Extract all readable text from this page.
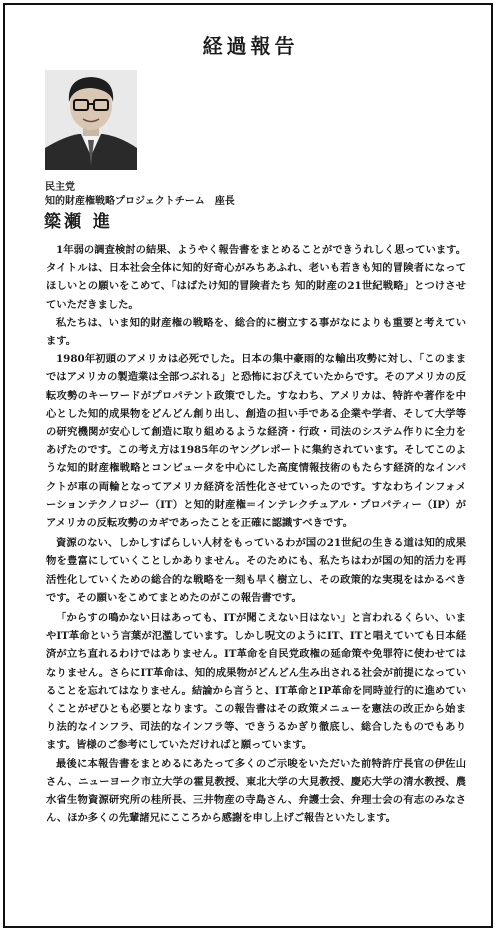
経過報告
民主党
知的財産権戦略プロジェクトチーム　座長
簗瀬 進

1年弱の調査検討の結果、ようやく報告書をまとめることができうれしく思っています。タイトルは、日本社会全体に知的好奇心がみちあふれ、老いも若きも知的冒険者になってほしいとの願いをこめて、「はばたけ知的冒険者たち 知的財産の21世紀戦略」とつけさせていただきました。

私たちは、いま知的財産権の戦略を、総合的に樹立する事がなによりも重要と考えています。

1980年初頭のアメリカは必死でした。日本の集中豪雨的な輸出攻勢に対し、「このままではアメリカの製造業は全部つぶれる」と恐怖におびえていたからです。そのアメリカの反転攻勢のキーワードがプロパテント政策でした。すなわち、アメリカは、特許や著作を中心とした知的成果物をどんどん創り出し、創造の担い手である企業や学者、そして大学等の研究機関が安心して創造に取り組めるような経済・行政・司法のシステム作りに全力をあげたのです。この考え方は1985年のヤングレポートに集約されています。そしてこのような知的財産権戦略とコンピュータを中心にした高度情報技術のもたらす経済的なインパクトが車の両輪となってアメリカ経済を活性化させていったのです。すなわちインフォメーションテクノロジー（IT）と知的財産権＝インテレクチュアル・プロパティー（IP）がアメリカの反転攻勢のカギであったことを正確に認識すべきです。

資源のない、しかしすばらしい人材をもっているわが国の21世紀の生きる道は知的成果物を豊富にしていくことしかありません。そのためにも、私たちはわが国の知的活力を再活性化していくための総合的な戦略を一刻も早く樹立し、その政策的な実現をはかるべきです。その願いをこめてまとめたのがこの報告書です。

「からすの鳴かない日はあっても、ITが聞こえない日はない」と言われるくらい、いまやIT革命という言葉が氾濫しています。しかし呪文のようにIT、ITと唱えていても日本経済が立ち直れるわけではありません。IT革命を自民党政権の延命策や免罪符に使わせてはなりません。さらにIT革命は、知的成果物がどんどん生み出される社会が前提になっていることを忘れてはなりません。結論から言うと、IT革命とIP革命を同時並行的に進めていくことがぜひとも必要となります。この報告書はその政策メニューを憲法の改正から始まり法的なインフラ、司法的なインフラ等、できうるかぎり徹底し、総合したものでもあります。皆様のご参考にしていただければと願っています。

最後に本報告書をまとめるにあたって多くのご示唆をいただいた前特許庁長官の伊佐山さん、ニューヨーク市立大学の霍見教授、東北大学の大見教授、慶応大学の清水教授、農水省生物資源研究所の桂所長、三井物産の寺島さん、弁護士会、弁理士会の有志のみなさん、ほか多くの先輩諸兄にこころから感謝を申し上げご報告といたします。
